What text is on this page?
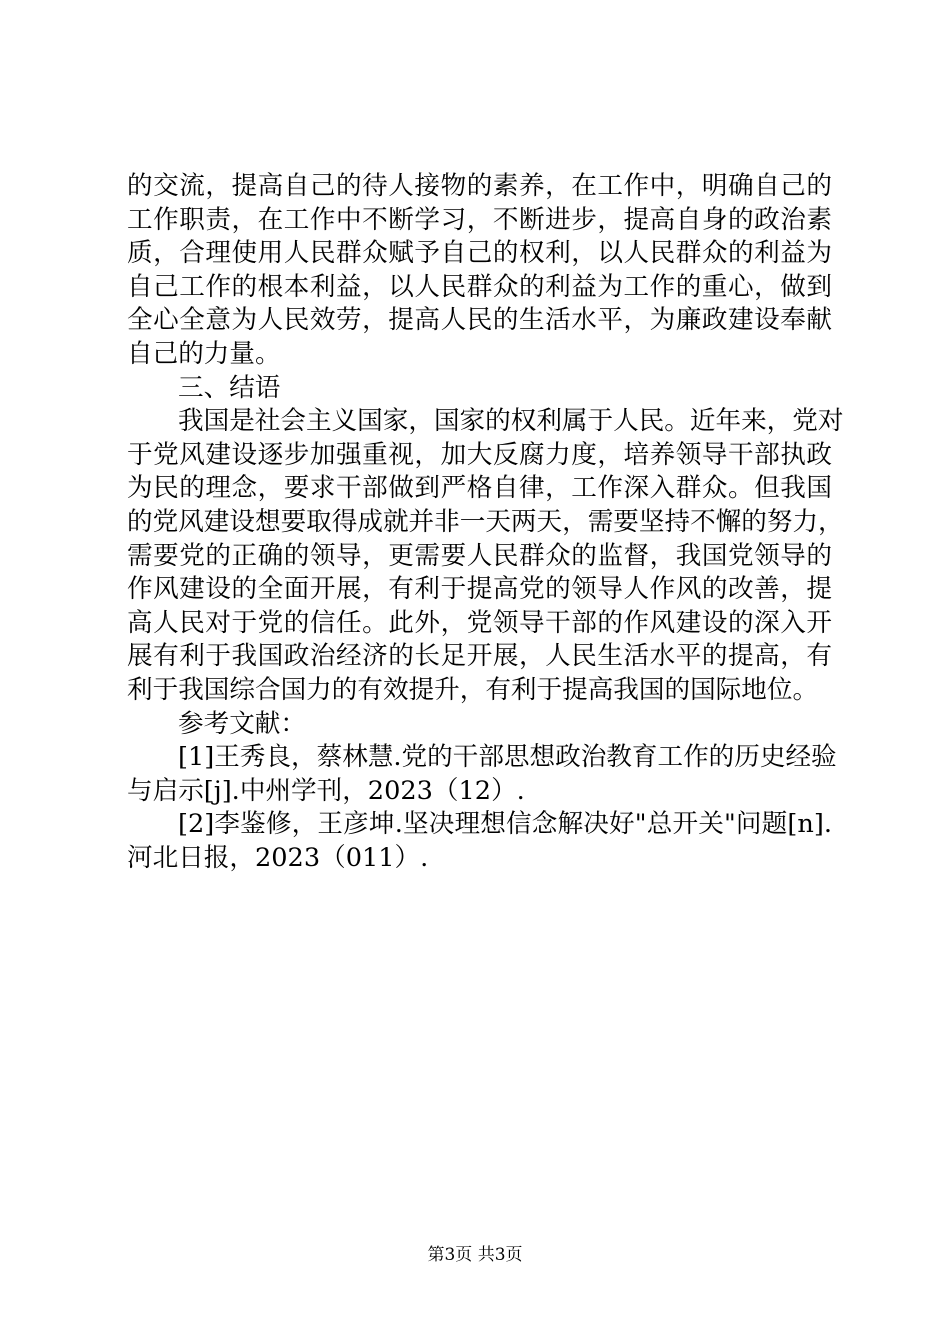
的交流，提高自己的待人接物的素养，在工作中，明确自己的
工作职责，在工作中不断学习，不断进步，提高自身的政治素
质，合理使用人民群众赋予自己的权利，以人民群众的利益为
自己工作的根本利益，以人民群众的利益为工作的重心，做到
全心全意为人民效劳，提高人民的生活水平，为廉政建设奉献
自己的力量。
三、结语
我国是社会主义国家，国家的权利属于人民。近年来，党对
于党风建设逐步加强重视，加大反腐力度，培养领导干部执政
为民的理念，要求干部做到严格自律，工作深入群众。但我国
的党风建设想要取得成就并非一天两天，需要坚持不懈的努力，
需要党的正确的领导，更需要人民群众的监督，我国党领导的
作风建设的全面开展，有利于提高党的领导人作风的改善，提
高人民对于党的信任。此外，党领导干部的作风建设的深入开
展有利于我国政治经济的长足开展，人民生活水平的提高，有
利于我国综合国力的有效提升，有利于提高我国的国际地位。
参考文献：
[1]王秀良，蔡林慧.党的干部思想政治教育工作的历史经验
与启示[j].中州学刊，2023（12）.
[2]李鉴修，王彦坤.坚决理想信念解决好"总开关"问题[n].
河北日报，2023（011）.
第3页 共3页
